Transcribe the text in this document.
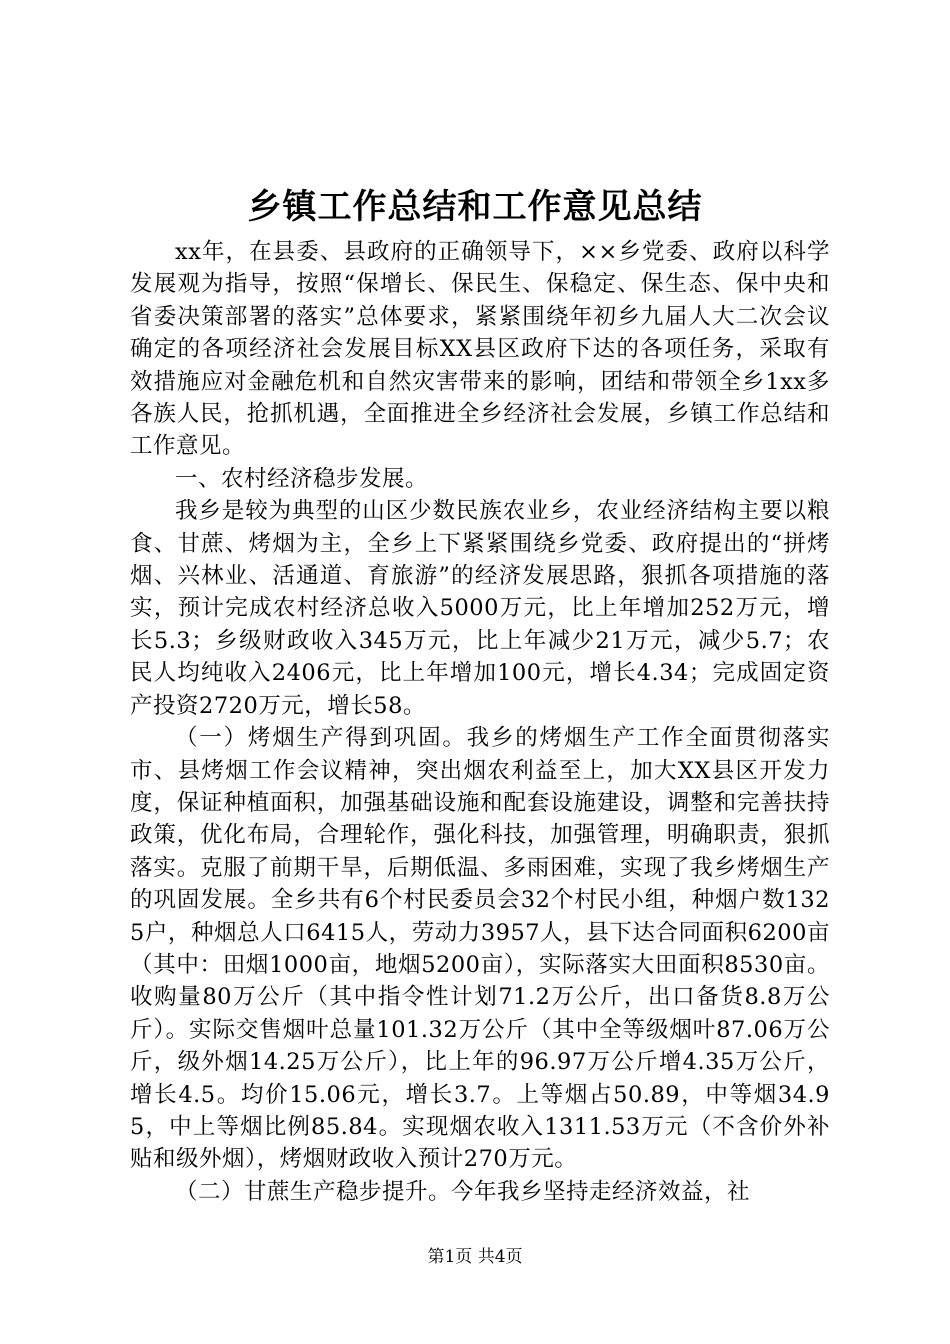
乡镇工作总结和工作意见总结

xx年，在县委、县政府的正确领导下，××乡党委、政府以科学发展观为指导，按照“保增长、保民生、保稳定、保生态、保中央和省委决策部署的落实”总体要求，紧紧围绕年初乡九届人大二次会议确定的各项经济社会发展目标XX县区政府下达的各项任务，采取有效措施应对金融危机和自然灾害带来的影响，团结和带领全乡1xx多各族人民，抢抓机遇，全面推进全乡经济社会发展，乡镇工作总结和工作意见。

一、农村经济稳步发展。

我乡是较为典型的山区少数民族农业乡，农业经济结构主要以粮食、甘蔗、烤烟为主，全乡上下紧紧围绕乡党委、政府提出的“拼烤烟、兴林业、活通道、育旅游”的经济发展思路，狠抓各项措施的落实，预计完成农村经济总收入5000万元，比上年增加252万元，增长5.3；乡级财政收入345万元，比上年减少21万元，减少5.7；农民人均纯收入2406元，比上年增加100元，增长4.34；完成固定资产投资2720万元，增长58。

（一）烤烟生产得到巩固。我乡的烤烟生产工作全面贯彻落实市、县烤烟工作会议精神，突出烟农利益至上，加大XX县区开发力度，保证种植面积，加强基础设施和配套设施建设，调整和完善扶持政策，优化布局，合理轮作，强化科技，加强管理，明确职责，狠抓落实。克服了前期干旱，后期低温、多雨困难，实现了我乡烤烟生产的巩固发展。全乡共有6个村民委员会32个村民小组，种烟户数1325户，种烟总人口6415人，劳动力3957人，县下达合同面积6200亩（其中：田烟1000亩，地烟5200亩），实际落实大田面积8530亩。收购量80万公斤（其中指令性计划71.2万公斤，出口备货8.8万公斤）。实际交售烟叶总量101.32万公斤（其中全等级烟叶87.06万公斤，级外烟14.25万公斤），比上年的96.97万公斤增4.35万公斤，增长4.5。均价15.06元，增长3.7。上等烟占50.89，中等烟34.95，中上等烟比例85.84。实现烟农收入1311.53万元（不含价外补贴和级外烟），烤烟财政收入预计270万元。

（二）甘蔗生产稳步提升。今年我乡坚持走经济效益，社

第1页 共4页
